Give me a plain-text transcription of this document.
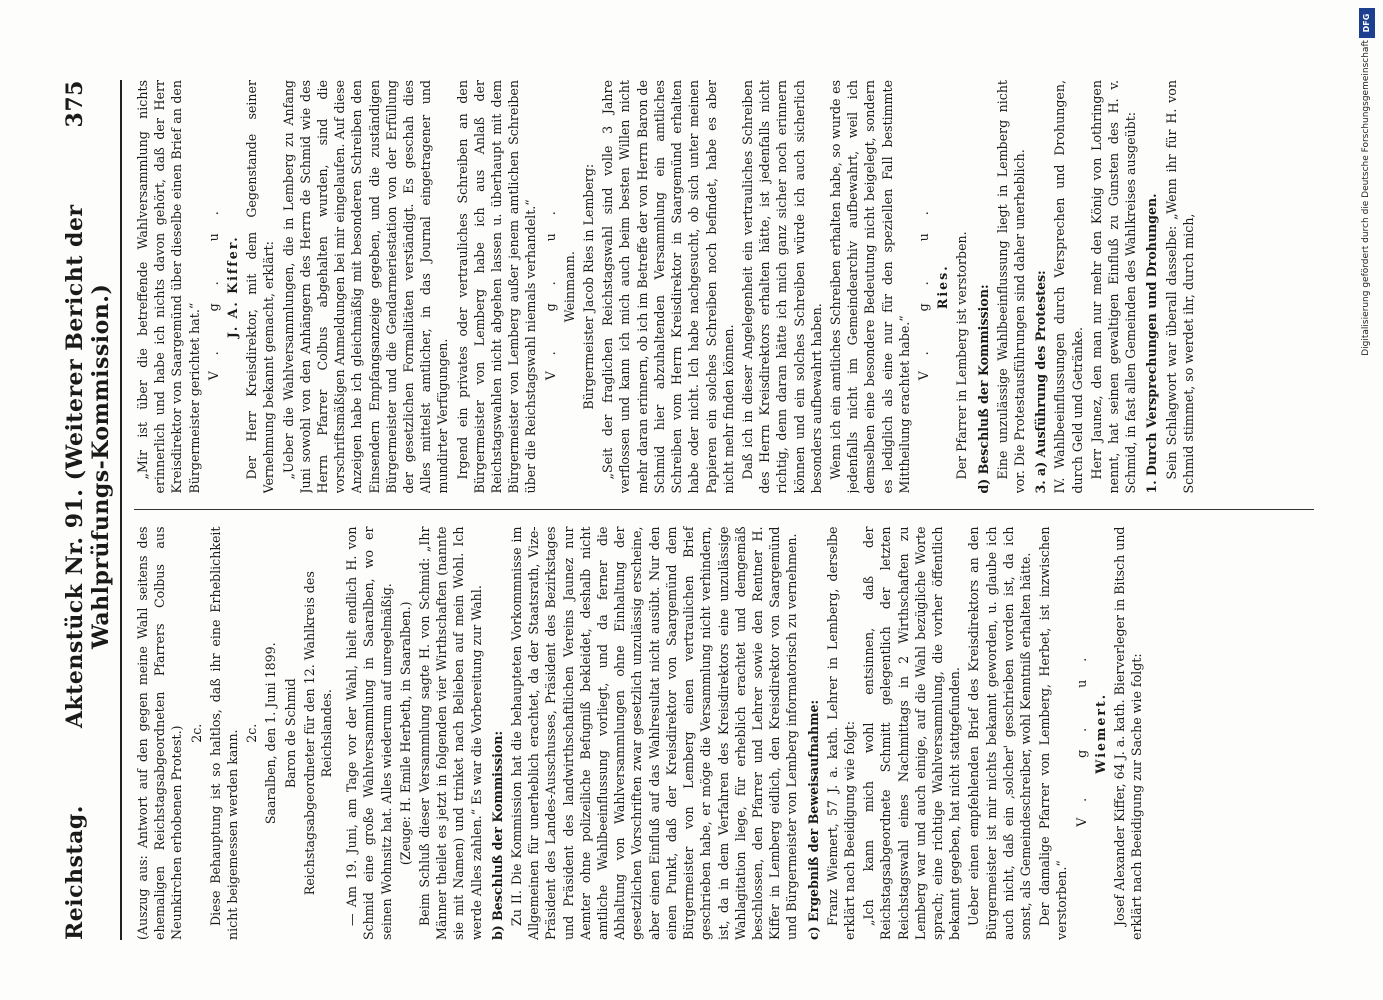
Reichstag.
Aktenstück Nr. 91. (Weiterer Bericht der Wahlprüfungs-Kommission.)
375

(Auszug aus: Antwort auf den gegen meine Wahl seitens des ehemaligen Reichstagsabgeordneten Pfarrers Colbus aus Neunkirchen erhobenen Protest.) 2c. Diese Behauptung ist so haltlos, daß ihr eine Erheblichkeit nicht beigemessen werden kann. 2c. Saaralben, den 1. Juni 1899. Baron de Schmid Reichstagsabgeordneter für den 12. Wahlkreis des Reichslandes. — Am 19. Juni, am Tage vor der Wahl, hielt endlich H. von Schmid eine große Wahlversammlung in Saaralben, wo er seinen Wohnsitz hat. Alles wiederum auf unregelmäßig. (Zeuge: H. Emile Herbeth, in Saaralben.) Beim Schluß dieser Versammlung sagte H. von Schmid: „Ihr Männer theilet es jetzt in folgenden vier Wirthschaften (nannte sie mit Namen) und trinket nach Belieben auf mein Wohl. Ich werde Alles zahlen.“ Es war die Vorbereitung zur Wahl. b) Beschluß der Kommission: Zu II. Die Kommission hat die behaupteten Vorkommnisse im Allgemeinen für unerheblich erachtet, da der Staatsrath, Vize-Präsident des Landes-Ausschusses, Präsident des Bezirkstages und Präsident des landwirthschaftlichen Vereins Jaunez nur Aemter ohne polizeiliche Befugniß bekleidet, deshalb nicht amtliche Wahlbeeinflussung vorliegt, und da ferner die Abhaltung von Wahlversammlungen ohne Einhaltung der gesetzlichen Vorschriften zwar gesetzlich unzulässig erscheine, aber einen Einfluß auf das Wahlresultat nicht ausübt. Nur den einen Punkt, daß der Kreisdirektor von Saargemünd dem Bürgermeister von Lemberg einen vertraulichen Brief geschrieben habe, er möge die Versammlung nicht verhindern, ist, da in dem Verfahren des Kreisdirektors eine unzulässige Wahlagitation liege, für erheblich erachtet und demgemäß beschlossen, den Pfarrer und Lehrer sowie den Rentner H. Kiffer in Lemberg eidlich, den Kreisdirektor von Saargemünd und Bürgermeister von Lemberg informatorisch zu vernehmen. c) Ergebniß der Beweisaufnahme: Franz Wiemert, 57 J. a. kath. Lehrer in Lemberg, derselbe erklärt nach Beeidigung wie folgt: „Ich kann mich wohl entsinnen, daß der Reichstagsabgeordnete Schmitt gelegentlich der letzten Reichstagswahl eines Nachmittags in 2 Wirthschaften zu Lemberg war und auch einige, auf die Wahl bezügliche Worte sprach; eine richtige Wahlversammlung, die vorher öffentlich bekannt gegeben, hat nicht stattgefunden. Ueber einen empfehlenden Brief des Kreisdirektors an den Bürgermeister ist mir nichts bekannt geworden, u. glaube ich auch nicht, daß ein ,solcher' geschrieben worden ist, da ich sonst, als Gemeindeschreiber, wohl Kenntniß erhalten hätte. Der damalige Pfarrer von Lemberg, Herbet, ist inzwischen verstorben.“

V. g. u. Wiemert. Josef Alexander Kiffer, 64 J. a. kath. Bierverleger in Bitsch und erklärt nach Beeidigung zur Sache wie folgt:

„Mir ist über die betreffende Wahlversammlung nichts erinnerlich und habe ich nichts davon gehört, daß der Herr Kreisdirektor von Saargemünd über dieselbe einen Brief an den Bürgermeister gerichtet hat.“

V. g. u. J. A. Kiffer. Der Herr Kreisdirektor, mit dem Gegenstande seiner Vernehmung bekannt gemacht, erklärt: „Ueber die Wahlversammlungen, die in Lemberg zu Anfang Juni sowohl von den Anhängern des Herrn de Schmid wie des Herrn Pfarrer Colbus abgehalten wurden, sind die vorschriftsmäßigen Anmeldungen bei mir eingelaufen. Auf diese Anzeigen habe ich gleichmäßig mit besonderen Schreiben den Einsendern Empfangsanzeige gegeben, und die zuständigen Bürgermeister und die Gendarmeriestation von der Erfüllung der gesetzlichen Formalitäten verständigt. Es geschah dies Alles mittelst amtlicher, in das Journal eingetragener und mundirter Verfügungen. Irgend ein privates oder vertrauliches Schreiben an den Bürgermeister von Lemberg habe ich aus Anlaß der Reichstagswahlen nicht abgehen lassen u. überhaupt mit dem Bürgermeister von Lemberg außer jenem amtlichen Schreiben über die Reichstagswahl niemals verhandelt.“ V. g. u. Weinmann. Bürgermeister Jacob Ries in Lemberg: „Seit der fraglichen Reichstagswahl sind volle 3 Jahre verflossen und kann ich mich auch beim besten Willen nicht mehr daran erinnern, ob ich im Betreffe der von Herrn Baron de Schmid hier abzuhaltenden Versammlung ein amtliches Schreiben vom Herrn Kreisdirektor in Saargemünd erhalten habe oder nicht. Ich habe nachgesucht, ob sich unter meinen Papieren ein solches Schreiben noch befindet, habe es aber nicht mehr finden können. Daß ich in dieser Angelegenheit ein vertrauliches Schreiben des Herrn Kreisdirektors erhalten hätte, ist jedenfalls nicht richtig, denn daran hätte ich mich ganz sicher noch erinnern können und ein solches Schreiben würde ich auch sicherlich besonders aufbewahrt haben. Wenn ich ein amtliches Schreiben erhalten habe, so wurde es jedenfalls nicht im Gemeindearchiv aufbewahrt, weil ich demselben eine besondere Bedeutung nicht beigelegt, sondern es lediglich als eine nur für den speziellen Fall bestimmte Mittheilung erachtet habe.“

V. g. u. Ries. Der Pfarrer in Lemberg ist verstorben. d) Beschluß der Kommission: Eine unzulässige Wahlbeeinflussung liegt in Lemberg nicht vor. Die Protestausführungen sind daher unerheblich. 3. a) Ausführung des Protestes: IV. Wahlbeeinflussungen durch Versprechen und Drohungen, durch Geld und Getränke. Herr Jaunez, den man nur mehr den König von Lothringen nennt, hat seinen gewaltigen Einfluß zu Gunsten des H. v. Schmid, in fast allen Gemeinden des Wahlkreises ausgeübt: 1. Durch Versprechungen und Drohungen. Sein Schlagwort war überall dasselbe: „Wenn ihr für H. von Schmid stimmet, so werdet ihr, durch mich,	Digitalisierung gefördert durch die Deutsche Forschungsgemeinschaft
DFG
